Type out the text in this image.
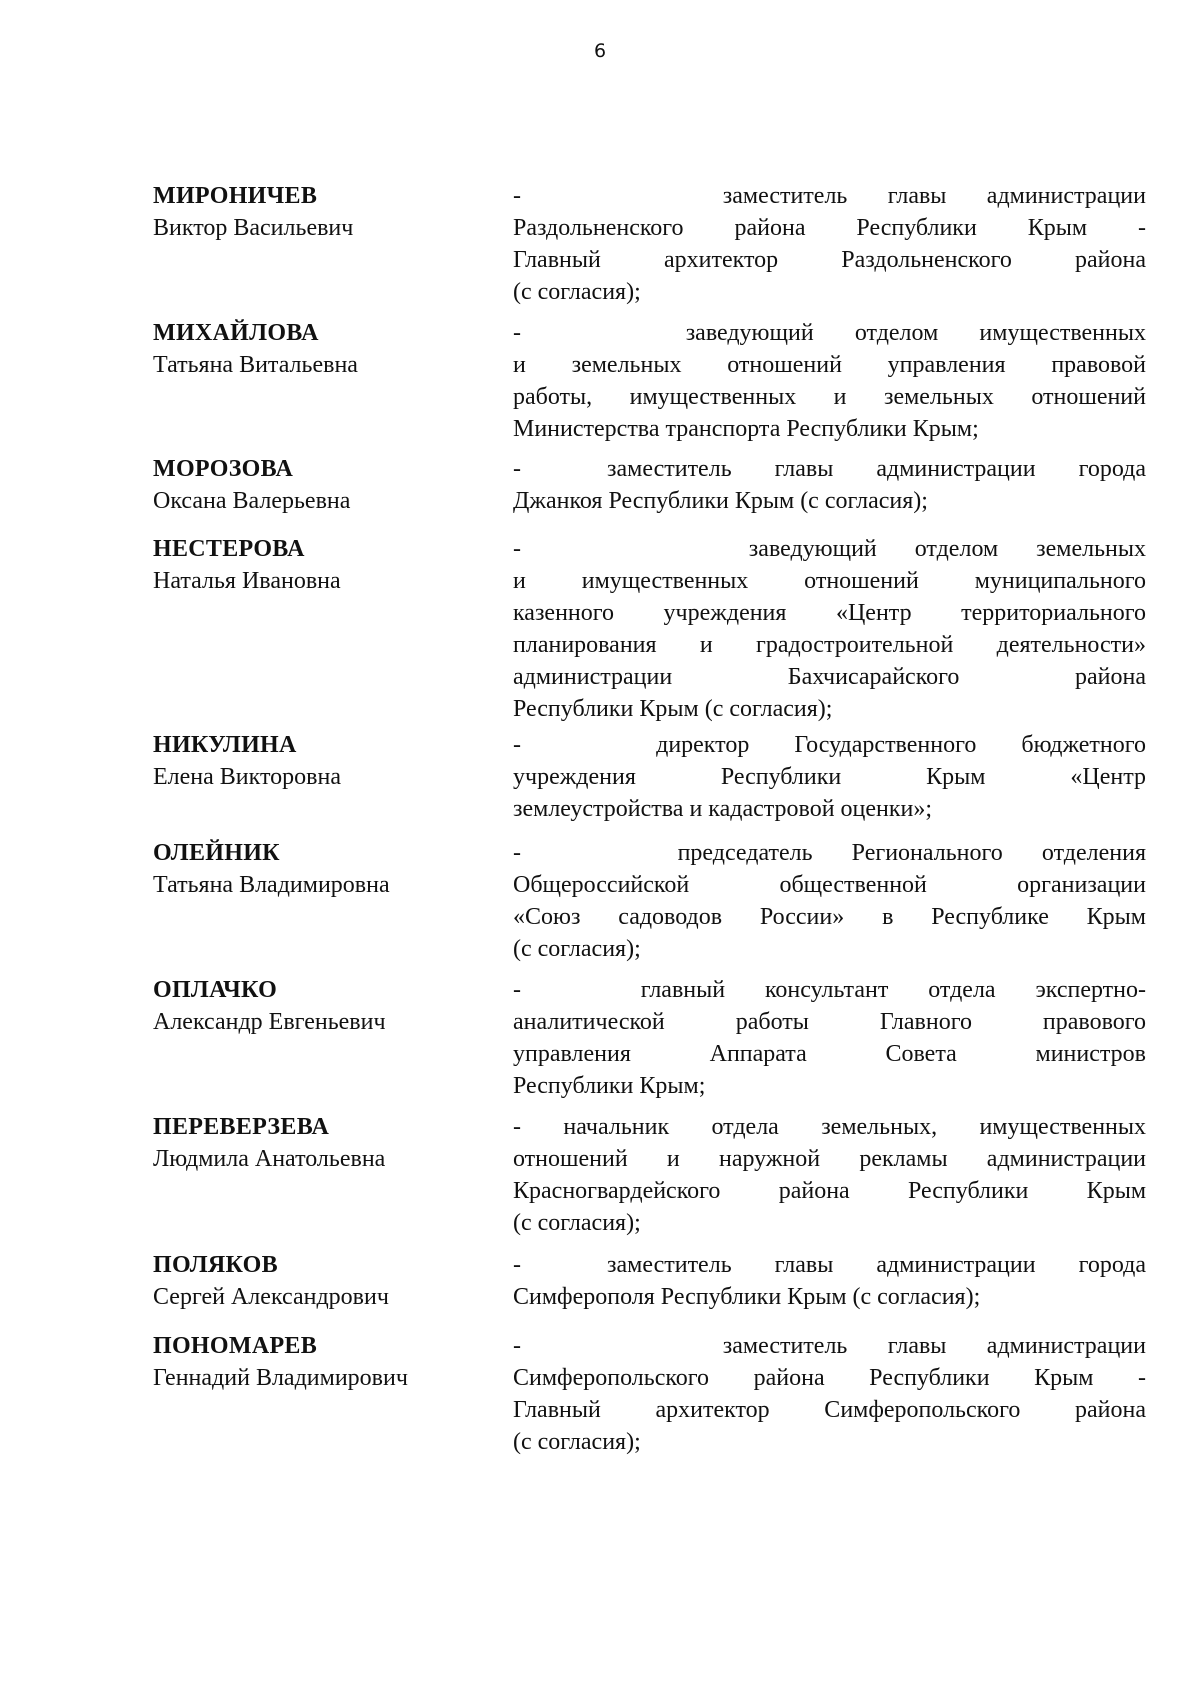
6
МИРОНИЧЕВ
Виктор Васильевич
-     заместитель главы администрации
Раздольненского района Республики Крым -
Главный архитектор Раздольненского района
(с согласия);
МИХАЙЛОВА
Татьяна Витальевна
-    заведующий отделом имущественных
и земельных отношений управления правовой
работы, имущественных и земельных отношений
Министерства транспорта Республики Крым;
МОРОЗОВА
Оксана Валерьевна
-  заместитель главы администрации города
Джанкоя Республики Крым (с согласия);
НЕСТЕРОВА
Наталья Ивановна
-      заведующий отделом земельных
и имущественных отношений муниципального
казенного учреждения «Центр территориального
планирования и градостроительной деятельности»
администрации Бахчисарайского района
Республики Крым (с согласия);
НИКУЛИНА
Елена Викторовна
-   директор Государственного бюджетного
учреждения Республики Крым «Центр
землеустройства и кадастровой оценки»;
ОЛЕЙНИК
Татьяна Владимировна
-    председатель Регионального отделения
Общероссийской общественной организации
«Союз садоводов России» в Республике Крым
(с согласия);
ОПЛАЧКО
Александр Евгеньевич
-   главный консультант отдела экспертно-
аналитической работы Главного правового
управления Аппарата Совета министров
Республики Крым;
ПЕРЕВЕРЗЕВА
Людмила Анатольевна
- начальник отдела земельных, имущественных
отношений и наружной рекламы администрации
Красногвардейского района Республики Крым
(с согласия);
ПОЛЯКОВ
Сергей Александрович
-  заместитель главы администрации города
Симферополя Республики Крым (с согласия);
ПОНОМАРЕВ
Геннадий Владимирович
-     заместитель главы администрации
Симферопольского района Республики Крым -
Главный архитектор Симферопольского района
(с согласия);
